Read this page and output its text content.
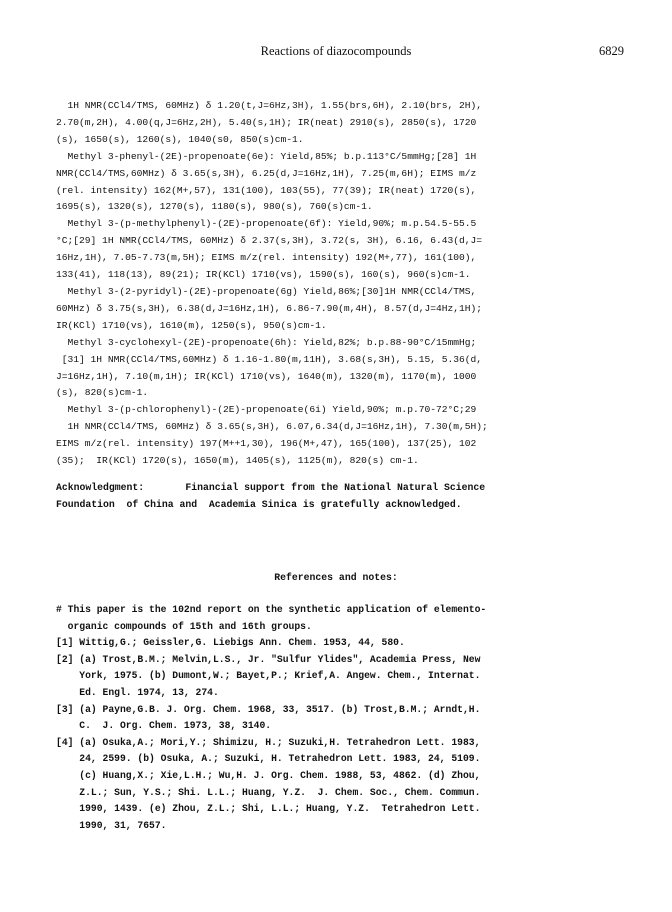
Reactions of diazocompounds	6829
1H NMR(CCl4/TMS, 60MHz) δ 1.20(t,J=6Hz,3H), 1.55(brs,6H), 2.10(brs, 2H),
2.70(m,2H), 4.00(q,J=6Hz,2H), 5.40(s,1H); IR(neat) 2910(s), 2850(s), 1720
(s), 1650(s), 1260(s), 1040(s0, 850(s)cm-1.
Methyl 3-phenyl-(2E)-propenoate(6e): Yield,85%; b.p.113°C/5mmHg;[28] 1H
NMR(CCl4/TMS,60MHz) δ 3.65(s,3H), 6.25(d,J=16Hz,1H), 7.25(m,6H); EIMS m/z
(rel. intensity) 162(M+,57), 131(100), 103(55), 77(39); IR(neat) 1720(s),
1695(s), 1320(s), 1270(s), 1180(s), 980(s), 760(s)cm-1.
Methyl 3-(p-methylphenyl)-(2E)-propenoate(6f): Yield,90%; m.p.54.5-55.5
°C;[29] 1H NMR(CCl4/TMS, 60MHz) δ 2.37(s,3H), 3.72(s, 3H), 6.16, 6.43(d,J=
16Hz,1H), 7.05-7.73(m,5H); EIMS m/z(rel. intensity) 192(M+,77), 161(100),
133(41), 118(13), 89(21); IR(KCl) 1710(vs), 1590(s), 160(s), 960(s)cm-1.
Methyl 3-(2-pyridyl)-(2E)-propenoate(6g) Yield,86%;[30]1H NMR(CCl4/TMS,
60MHz) δ 3.75(s,3H), 6.38(d,J=16Hz,1H), 6.86-7.90(m,4H), 8.57(d,J=4Hz,1H);
IR(KCl) 1710(vs), 1610(m), 1250(s), 950(s)cm-1.
Methyl 3-cyclohexyl-(2E)-propenoate(6h): Yield,82%; b.p.88-90°C/15mmHg;
[31] 1H NMR(CCl4/TMS,60MHz) δ 1.16-1.80(m,11H), 3.68(s,3H), 5.15, 5.36(d,
J=16Hz,1H), 7.10(m,1H); IR(KCl) 1710(vs), 1640(m), 1320(m), 1170(m), 1000
(s), 820(s)cm-1.
Methyl 3-(p-chlorophenyl)-(2E)-propenoate(6i) Yield,90%; m.p.70-72°C;29
1H NMR(CCl4/TMS, 60MHz) δ 3.65(s,3H), 6.07,6.34(d,J=16Hz,1H), 7.30(m,5H);
EIMS m/z(rel. intensity) 197(M++1,30), 196(M+,47), 165(100), 137(25), 102
(35);  IR(KCl) 1720(s), 1650(m), 1405(s), 1125(m), 820(s) cm-1.
Acknowledgment:       Financial support from the National Natural Science
Foundation  of China and  Academia Sinica is gratefully acknowledged.
References and notes:
# This paper is the 102nd report on the synthetic application of elemento-
organic compounds of 15th and 16th groups.
[1] Wittig,G.; Geissler,G. Liebigs Ann. Chem. 1953, 44, 580.
[2] (a) Trost,B.M.; Melvin,L.S., Jr. "Sulfur Ylides", Academia Press, New
York, 1975. (b) Dumont,W.; Bayet,P.; Krief,A. Angew. Chem., Internat.
Ed. Engl. 1974, 13, 274.
[3] (a) Payne,G.B. J. Org. Chem. 1968, 33, 3517. (b) Trost,B.M.; Arndt,H.
C.  J. Org. Chem. 1973, 38, 3140.
[4] (a) Osuka,A.; Mori,Y.; Shimizu, H.; Suzuki,H. Tetrahedron Lett. 1983,
24, 2599. (b) Osuka, A.; Suzuki, H. Tetrahedron Lett. 1983, 24, 5109.
(c) Huang,X.; Xie,L.H.; Wu,H. J. Org. Chem. 1988, 53, 4862. (d) Zhou,
Z.L.; Sun, Y.S.; Shi. L.L.; Huang, Y.Z.  J. Chem. Soc., Chem. Commun.
1990, 1439. (e) Zhou, Z.L.; Shi, L.L.; Huang, Y.Z.  Tetrahedron Lett.
1990, 31, 7657.
